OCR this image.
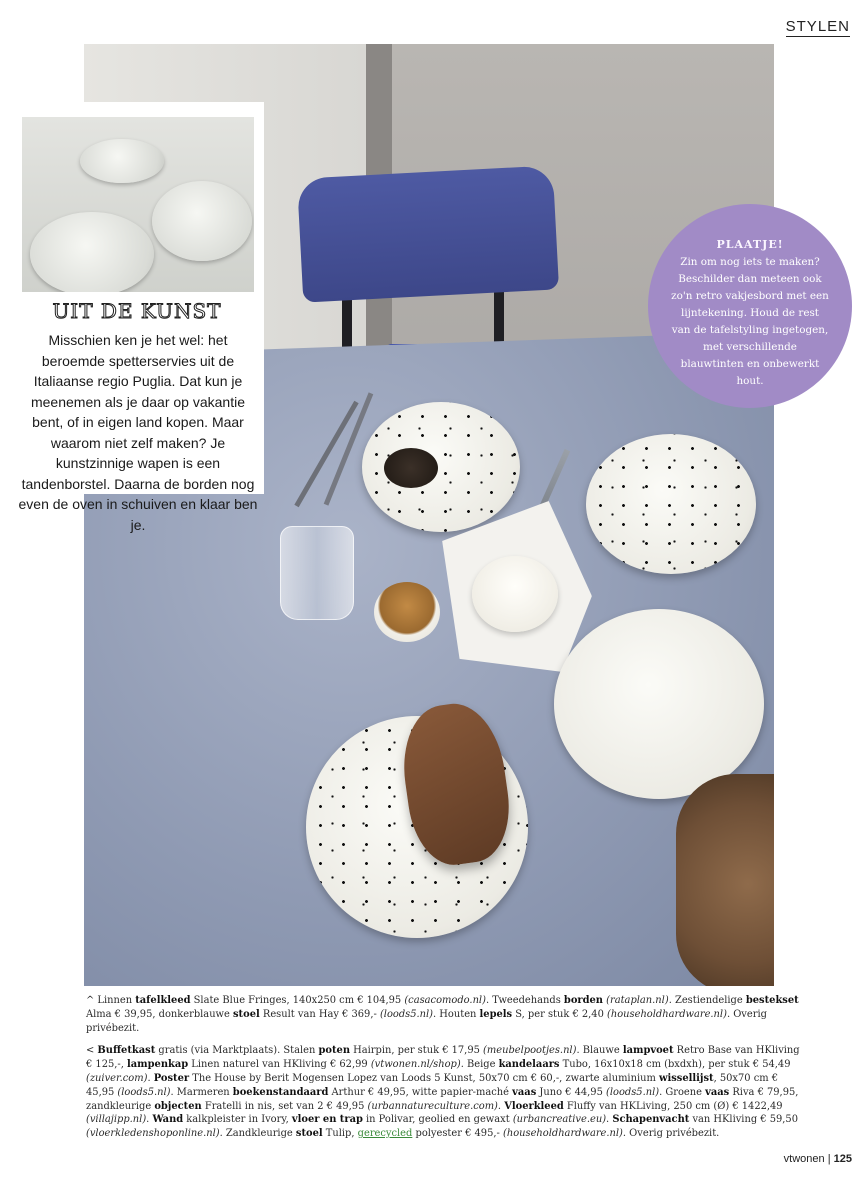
STYLEN
UIT DE KUNST
Misschien ken je het wel: het beroemde spetterservies uit de Italiaanse regio Puglia. Dat kun je meenemen als je daar op vakantie bent, of in eigen land kopen. Maar waarom niet zelf maken? Je kunstzinnige wapen is een tandenborstel. Daarna de borden nog even de oven in schuiven en klaar ben je.
PLAATJE!
Zin om nog iets te maken? Beschilder dan meteen ook zo'n retro vakjesbord met een lijntekening. Houd de rest van de tafelstyling ingetogen, met verschillende blauwtinten en onbewerkt hout.

^ Linnen tafelkleed Slate Blue Fringes, 140x250 cm € 104,95 (casacomodo.nl). Tweedehands borden (rataplan.nl). Zestiendelige bestekset Alma € 39,95, donkerblauwe stoel Result van Hay € 369,- (loods5.nl). Houten lepels S, per stuk € 2,40 (householdhardware.nl). Overig privébezit.

< Buffetkast gratis (via Marktplaats). Stalen poten Hairpin, per stuk € 17,95 (meubelpootjes.nl). Blauwe lampvoet Retro Base van HKliving € 125,-, lampenkap Linen naturel van HKliving € 62,99 (vtwonen.nl/shop). Beige kandelaars Tubo, 16x10x18 cm (bxdxh), per stuk € 54,49 (zuiver.com). Poster The House by Berit Mogensen Lopez van Loods 5 Kunst, 50x70 cm € 60,-, zwarte aluminium wissellijst, 50x70 cm € 45,95 (loods5.nl). Marmeren boekenstandaard Arthur € 49,95, witte papier-maché vaas Juno € 44,95 (loods5.nl). Groene vaas Riva € 79,95, zandkleurige objecten Fratelli in nis, set van 2 € 49,95 (urbannatureculture.com). Vloerkleed Fluffy van HKLiving, 250 cm (Ø) € 1422,49 (villajipp.nl). Wand kalkpleister in Ivory, vloer en trap in Polivar, geolied en gewaxt (urbancreative.eu). Schapenvacht van HKliving € 59,50 (vloerkledenshoponline.nl). Zandkleurige stoel Tulip, gerecycled polyester € 495,- (householdhardware.nl). Overig privébezit.

vtwonen | 125
